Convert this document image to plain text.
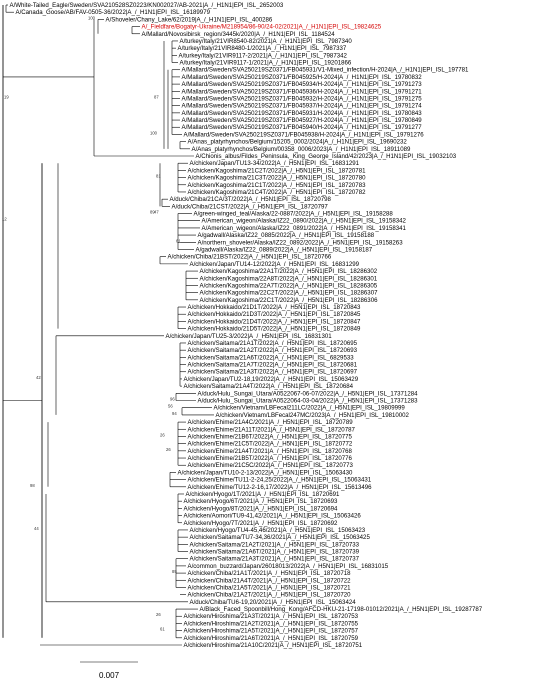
A/White-Tailed_Eagle/Sweden/SVA210528SZ0223/KN002027/AB-2021|A_/_H1N1|EPI_ISL_2652003
A/Canada_Goose/AB/FAV-0505-36/2022|A_/_H1N1|EPI_ISL_16189979
A/Shoveler/Chany_Lake/62/2019|A_/_H1N1|EPI_ISL_400286
A/_Fieldfare/Bogatyr-Ukraine/M218954/86-90/24-02/2021|A_/_H1N1|EPI_ISL_19824625
A/Mallard/Novosibirsk_region/3445k/2020|A_/_H1N1|EPI_ISL_1184524
A/turkey/Italy/21VIR8540-82/2021|A_/_H1N1|EPI_ISL_7987340
A/turkey/Italy/21VIR8480-1/2021|A_/_H1N1|EPI_ISL_7987337
A/turkey/Italy/21VIR9117-2/2021|A_/_H1N1|EPI_ISL_7987342
A/turkey/Italy/21VIR9117-1/2021|A_/_H1N1|EPI_ISL_19201866
A/Mallard/Sweden/SVA250219SZ0371/FB045931/V1-Mixed_infection/H-2024|A_/_H1N1|EPI_ISL_197781
A/Mallard/Sweden/SVA250219SZ0371/FB045925/H-2024|A_/_H1N1|EPI_ISL_19780832
A/Mallard/Sweden/SVA250219SZ0371/FB045934/H-2024|A_/_H1N1|EPI_ISL_19791273
A/Mallard/Sweden/SVA250219SZ0371/FB045936/H-2024|A_/_H1N1|EPI_ISL_19791271
A/Mallard/Sweden/SVA250219SZ0371/FB045932/H-2024|A_/_H1N1|EPI_ISL_19791275
A/Mallard/Sweden/SVA250219SZ0371/FB045937/H-2024|A_/_H1N1|EPI_ISL_19791274
A/Mallard/Sweden/SVA250219SZ0371/FB045931/H-2024|A_/_H1N1|EPI_ISL_19780843
A/Mallard/Sweden/SVA250219SZ0371/FB045927/H-2024|A_/_H1N1|EPI_ISL_19780849
A/Mallard/Sweden/SVA250219SZ0371/FB045940/H-2024|A_/_H1N1|EPI_ISL_19791277
A/Mallard/Sweden/SVA250219SZ0371/FB045938/H-2024|A_/_H1N1|EPI_ISL_19791276
A/Anas_platyrhynchos/Belgium/15205_0002/2024|A_/_H1N1|EPI_ISL_19690232
A/Anas_platyrhynchos/Belgium/00358_0006/2023|A_/_H1N1|EPI_ISL_18911089
A/Chionis_albus/Fildes_Peninsula,_King_George_Island/42/2023|A_/_H1N1|EPI_ISL_19032103
A/chicken/Japan/TU13-34/2022|A_/_H5N1|EPI_ISL_16831291
A/chicken/Kagoshima/21C2T/2022|A_/_H5N1|EPI_ISL_18720781
A/chicken/Kagoshima/21C3T/2022|A_/_H5N1|EPI_ISL_18720780
A/chicken/Kagoshima/21C1T/2022|A_/_H5N1|EPI_ISL_18720783
A/chicken/Kagoshima/21C4T/2022|A_/_H5N1|EPI_ISL_18720782
A/duck/Chiba/21CA/3T/2022|A_/_H5N1|EPI_ISL_18720798
A/duck/Chiba/21CST/2022|A_/_H5N1|EPI_ISL_18720797
A/green-winged_teal/Alaska/22-0887/2022|A_/_H5N1|EPI_ISL_19158288
A/American_wigeon/Alaska/IZ22_0890/2022|A_/_H5N1|EPI_ISL_19158342
A/American_wigeon/Alaska/IZ22_0891/2022|A_/_H5N1|EPI_ISL_19158341
A/gadwall/Alaska/IZ22_0885/2022|A_/_H5N1|EPI_ISL_19158188
A/northern_shoveler/Alaska/IZ22_0892/2022|A_/_H5N1|EPI_ISL_19158263
A/gadwall/Alaska/IZ22_0889/2022|A_/_H5N1|EPI_ISL_19158187
A/chicken/Chiba/21BST/2022|A_/_H5N1|EPI_ISL_18720766
A/chicken/Japan/TU14-12/2022|A_/_H5N1|EPI_ISL_16831299
A/chicken/Kagoshima/22A1T/2022|A_/_H5N1|EPI_ISL_18286302
A/chicken/Kagoshima/22A8T/2022|A_/_H5N1|EPI_ISL_18286301
A/chicken/Kagoshima/22A7T/2022|A_/_H5N1|EPI_ISL_18286305
A/chicken/Kagoshima/22C2T/2022|A_/_H5N1|EPI_ISL_18286307
A/chicken/Kagoshima/22C1T/2022|A_/_H5N1|EPI_ISL_18286306
A/chicken/Hokkaido/21D1T/2022|A_/_H5N1|EPI_ISL_18720843
A/chicken/Hokkaido/21D3T/2022|A_/_H5N1|EPI_ISL_18720845
A/chicken/Hokkaido/21D4T/2022|A_/_H5N1|EPI_ISL_18720847
A/chicken/Hokkaido/21D5T/2022|A_/_H5N1|EPI_ISL_18720849
A/chicken/Japan/TU25-3/2022|A_/_H5N1|EPI_ISL_16831301
A/chicken/Saitama/21A1T/2022|A_/_H5N1|EPI_ISL_18720695
A/chicken/Saitama/21A2T/2022|A_/_H5N1|EPI_ISL_18720693
A/chicken/Saitama/21A6T/2022|A_/_H5N1|EPI_ISL_6829533
A/chicken/Saitama/21A7T/2022|A_/_H5N1|EPI_ISL_18720681
A/chicken/Saitama/21A3T/2022|A_/_H5N1|EPI_ISL_18720697
A/chicken/Japan/TU2-18,19/2022|A_/_H5N1|EPI_ISL_15063429
A/chicken/Saitama/21A4T/2022|A_/_H5N1|EPI_ISL_18720684
A/duck/Hulu_Sungai_Utara/A0522067-06-07/2022|A_/_H5N1|EPI_ISL_17371284
A/duck/Hulu_Sungai_Utara/A0522064-03-04/2022|A_/_H5N1|EPI_ISL_17371283
A/chicken/Vietnam/LBFecal211LC/2022|A_/_H5N1|EPI_ISL_19809999
A/chicken/Vietnam/LBFecal247MC/2023|A_/_H5N1|EPI_ISL_19810002
A/chicken/Ehime/21A4C/2021|A_/_H5N1|EPI_ISL_18720789
A/chicken/Ehime/21A11T/2021|A_/_H5N1|EPI_ISL_18720787
A/chicken/Ehime/21B6T/2022|A_/_H5N1|EPI_ISL_18720775
A/chicken/Ehime/21C5T/2022|A_/_H5N1|EPI_ISL_18720772
A/chicken/Ehime/21A4T/2021|A_/_H5N1|EPI_ISL_18720768
A/chicken/Ehime/21B5T/2022|A_/_H5N1|EPI_ISL_18720776
A/chicken/Ehime/21C5C/2022|A_/_H5N1|EPI_ISL_18720773
A/chicken/Japan/TU10-2-13/2022|A_/_H5N1|EPI_ISL_15063430
A/chicken/Ehime/TU11-2-24,25/2022|A_/_H5N1|EPI_ISL_15063431
A/chicken/Ehime/TU12-2-16,17/2022|A_/_H5N1|EPI_ISL_15613496
A/chicken/Hyogo/1T/2021|A_/_H5N1|EPI_ISL_18720691
A/chicken/Hyogo/6T/2021|A_/_H5N1|EPI_ISL_18720693
A/chicken/Hyogo/8T/2021|A_/_H5N1|EPI_ISL_18720694
A/chicken/Aomori/TU9-41,42/2021|A_/_H5N1|EPI_ISL_15063426
A/chicken/Hyogo/7T/2021|A_/_H5N1|EPI_ISL_18720692
A/chicken/Hyogo/TU4-45,46/2021|A_/_H5N1|EPI_ISL_15063423
A/chicken/Saitama/TU7-34,36/2021|A_/_H5N1|EPI_ISL_15063425
A/chicken/Saitama/21A2T/2021|A_/_H5N1|EPI_ISL_18720733
A/chicken/Saitama/21A6T/2021|A_/_H5N1|EPI_ISL_18720739
A/chicken/Saitama/21A3T/2021|A_/_H5N1|EPI_ISL_18720737
A/common_buzzard/Japan/26018013/2022|A_/_H5N1|EPI_ISL_16831015
A/chicken/Chiba/21A1T/2021|A_/_H5N1|EPI_ISL_18720718
A/chicken/Chiba/21A4T/2021|A_/_H5N1|EPI_ISL_18720722
A/chicken/Chiba/21A5T/2021|A_/_H5N1|EPI_ISL_18720721
A/chicken/Chiba/21A2T/2021|A_/_H5N1|EPI_ISL_18720720
A/duck/Chiba/TU6-19,20/2021|A_/_H5N1|EPI_ISL_15063424
A/Black_Faced_Spoonbill/Hong_Kong/AFCD-HKU-21-17198-01012/2021|A_/_H5N1|EPI_ISL_19287787
A/chicken/Hiroshima/21A3T/2021|A_/_H5N1|EPI_ISL_18720753
A/chicken/Hiroshima/21A2T/2021|A_/_H5N1|EPI_ISL_18720755
A/chicken/Hiroshima/21A5T/2021|A_/_H5N1|EPI_ISL_18720757
A/chicken/Hiroshima/21A6T/2021|A_/_H5N1|EPI_ISL_18720759
A/chicken/Hiroshima/21A10C/2021|A_/_H5N1|EPI_ISL_18720751
100
19
12
42
98
44
87
100
81
89 47
61
94
96
89
26
56
26
26
61
0.007
